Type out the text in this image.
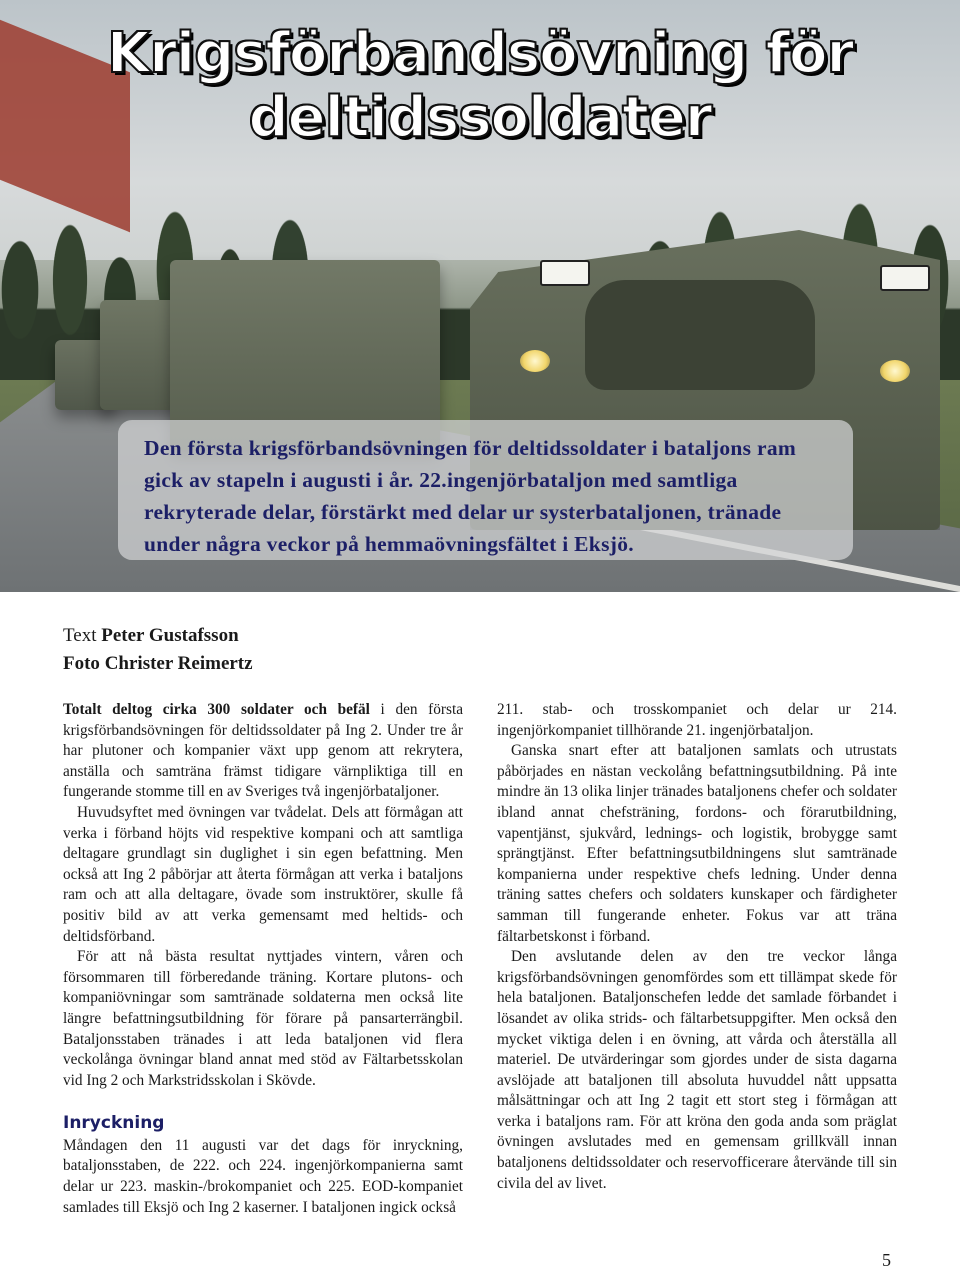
Krigsförbandsövning för deltidssoldater

Den första krigsförbandsövningen för deltidssoldater i bataljons ram gick av stapeln i augusti i år. 22.ingenjörbataljon med samtliga rekryterade delar, förstärkt med delar ur systerbataljonen, tränade under några veckor på hemmaövningsfältet i Eksjö.

Text Peter Gustafsson
Foto Christer Reimertz

Totalt deltog cirka 300 soldater och befäl i den första krigsförbandsövningen för deltidssoldater på Ing 2. Under tre år har plutoner och kompanier växt upp genom att rekrytera, anställa och samträna främst tidigare värnpliktiga till en fungerande stomme till en av Sveriges två ingenjörbataljoner.

Huvudsyftet med övningen var tvådelat. Dels att förmågan att verka i förband höjts vid respektive kompani och att samtliga deltagare grundlagt sin duglighet i sin egen befattning. Men också att Ing 2 påbörjar att återta förmågan att verka i bataljons ram och att alla deltagare, övade som instruktörer, skulle få positiv bild av att verka gemensamt med heltids- och deltidsförband.

För att nå bästa resultat nyttjades vintern, våren och försommaren till förberedande träning. Kortare plutons- och kompaniövningar som samtränade soldaterna men också lite längre befattningsutbildning för förare på pansarterrängbil. Bataljonsstaben tränades i att leda bataljonen vid flera veckolånga övningar bland annat med stöd av Fältarbetsskolan vid Ing 2 och Markstridsskolan i Skövde.

Inryckning

Måndagen den 11 augusti var det dags för inryckning, bataljonsstaben, de 222. och 224. ingenjörkompanierna samt delar ur 223. maskin-/brokompaniet och 225. EOD-kompaniet samlades till Eksjö och Ing 2 kaserner. I bataljonen ingick också

211. stab- och trosskompaniet och delar ur 214. ingenjörkompaniet tillhörande 21. ingenjörbataljon.

Ganska snart efter att bataljonen samlats och utrustats påbörjades en nästan veckolång befattningsutbildning. På inte mindre än 13 olika linjer tränades bataljonens chefer och soldater ibland annat chefsträning, fordons- och förarutbildning, vapentjänst, sjukvård, lednings- och logistik, brobygge samt sprängtjänst. Efter befattningsutbildningens slut samtränade kompanierna under respektive chefs ledning. Under denna träning sattes chefers och soldaters kunskaper och färdigheter samman till fungerande enheter. Fokus var att träna fältarbetskonst i förband.

Den avslutande delen av den tre veckor långa krigsförbandsövningen genomfördes som ett tillämpat skede för hela bataljonen. Bataljonschefen ledde det samlade förbandet i lösandet av olika strids- och fältarbetsuppgifter. Men också den mycket viktiga delen i en övning, att vårda och återställa all materiel. De utvärderingar som gjordes under de sista dagarna avslöjade att bataljonen till absoluta huvuddel nått uppsatta målsättningar och att Ing 2 tagit ett stort steg i förmågan att verka i bataljons ram. För att kröna den goda anda som präglat övningen avslutades med en gemensam grillkväll innan bataljonens deltidssoldater och reservofficerare återvände till sin civila del av livet.

5
